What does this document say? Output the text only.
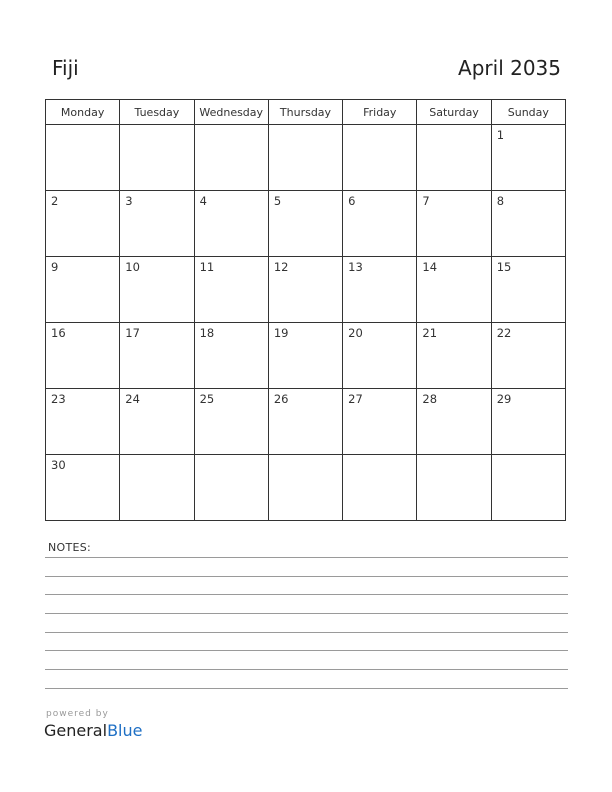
Fiji	April 2035
Monday	Tuesday	Wednesday	Thursday	Friday	Saturday	Sunday

						1

2	3	4	5	6	7	8

9	10	11	12	13	14	15

16	17	18	19	20	21	22

23	24	25	26	27	28	29

30						

NOTES:
powered by
GeneralBlue
